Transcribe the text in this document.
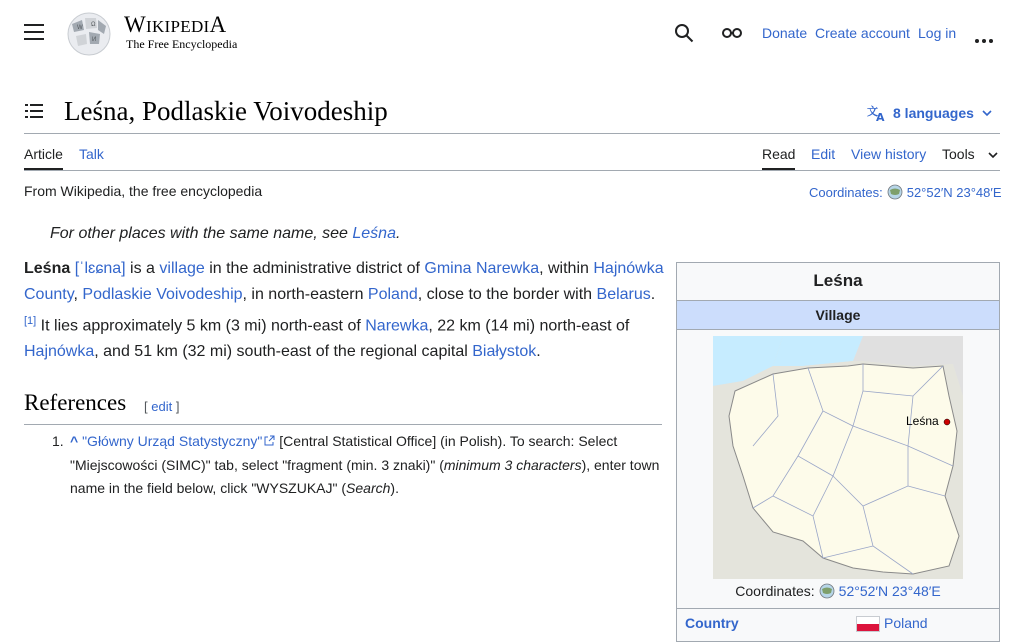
W Ω
И
WIKIPEDIA
The Free Encyclopedia
Donate Create account Log in
Leśna, Podlaskie Voivodeship	文
A 8 languages
Article Talk	Read Edit View history Tools
From Wikipedia, the free encyclopedia	Coordinates: 52°52′N 23°48′E
For other places with the same name, see Leśna.

Leśna [ˈlɛɕna] is a village in the administrative district of Gmina Narewka, within Hajnówka County, Podlaskie Voivodeship, in north-eastern Poland, close to the border with Belarus.[1] It lies approximately 5 km (3 mi) north-east of Narewka, 22 km (14 mi) north-east of Hajnówka, and 51 km (32 mi) south-east of the regional capital Białystok.

References [ edit ]
1. ^ "Główny Urząd Statystyczny" [Central Statistical Office] (in Polish). To search: Select "Miejscowości (SIMC)" tab, select "fragment (min. 3 znaki)" (minimum 3 characters), enter town name in the field below, click "WYSZUKAJ" (Search).
Leśna
Village
Leśna
Coordinates: 52°52′N 23°48′E
Country	Poland
